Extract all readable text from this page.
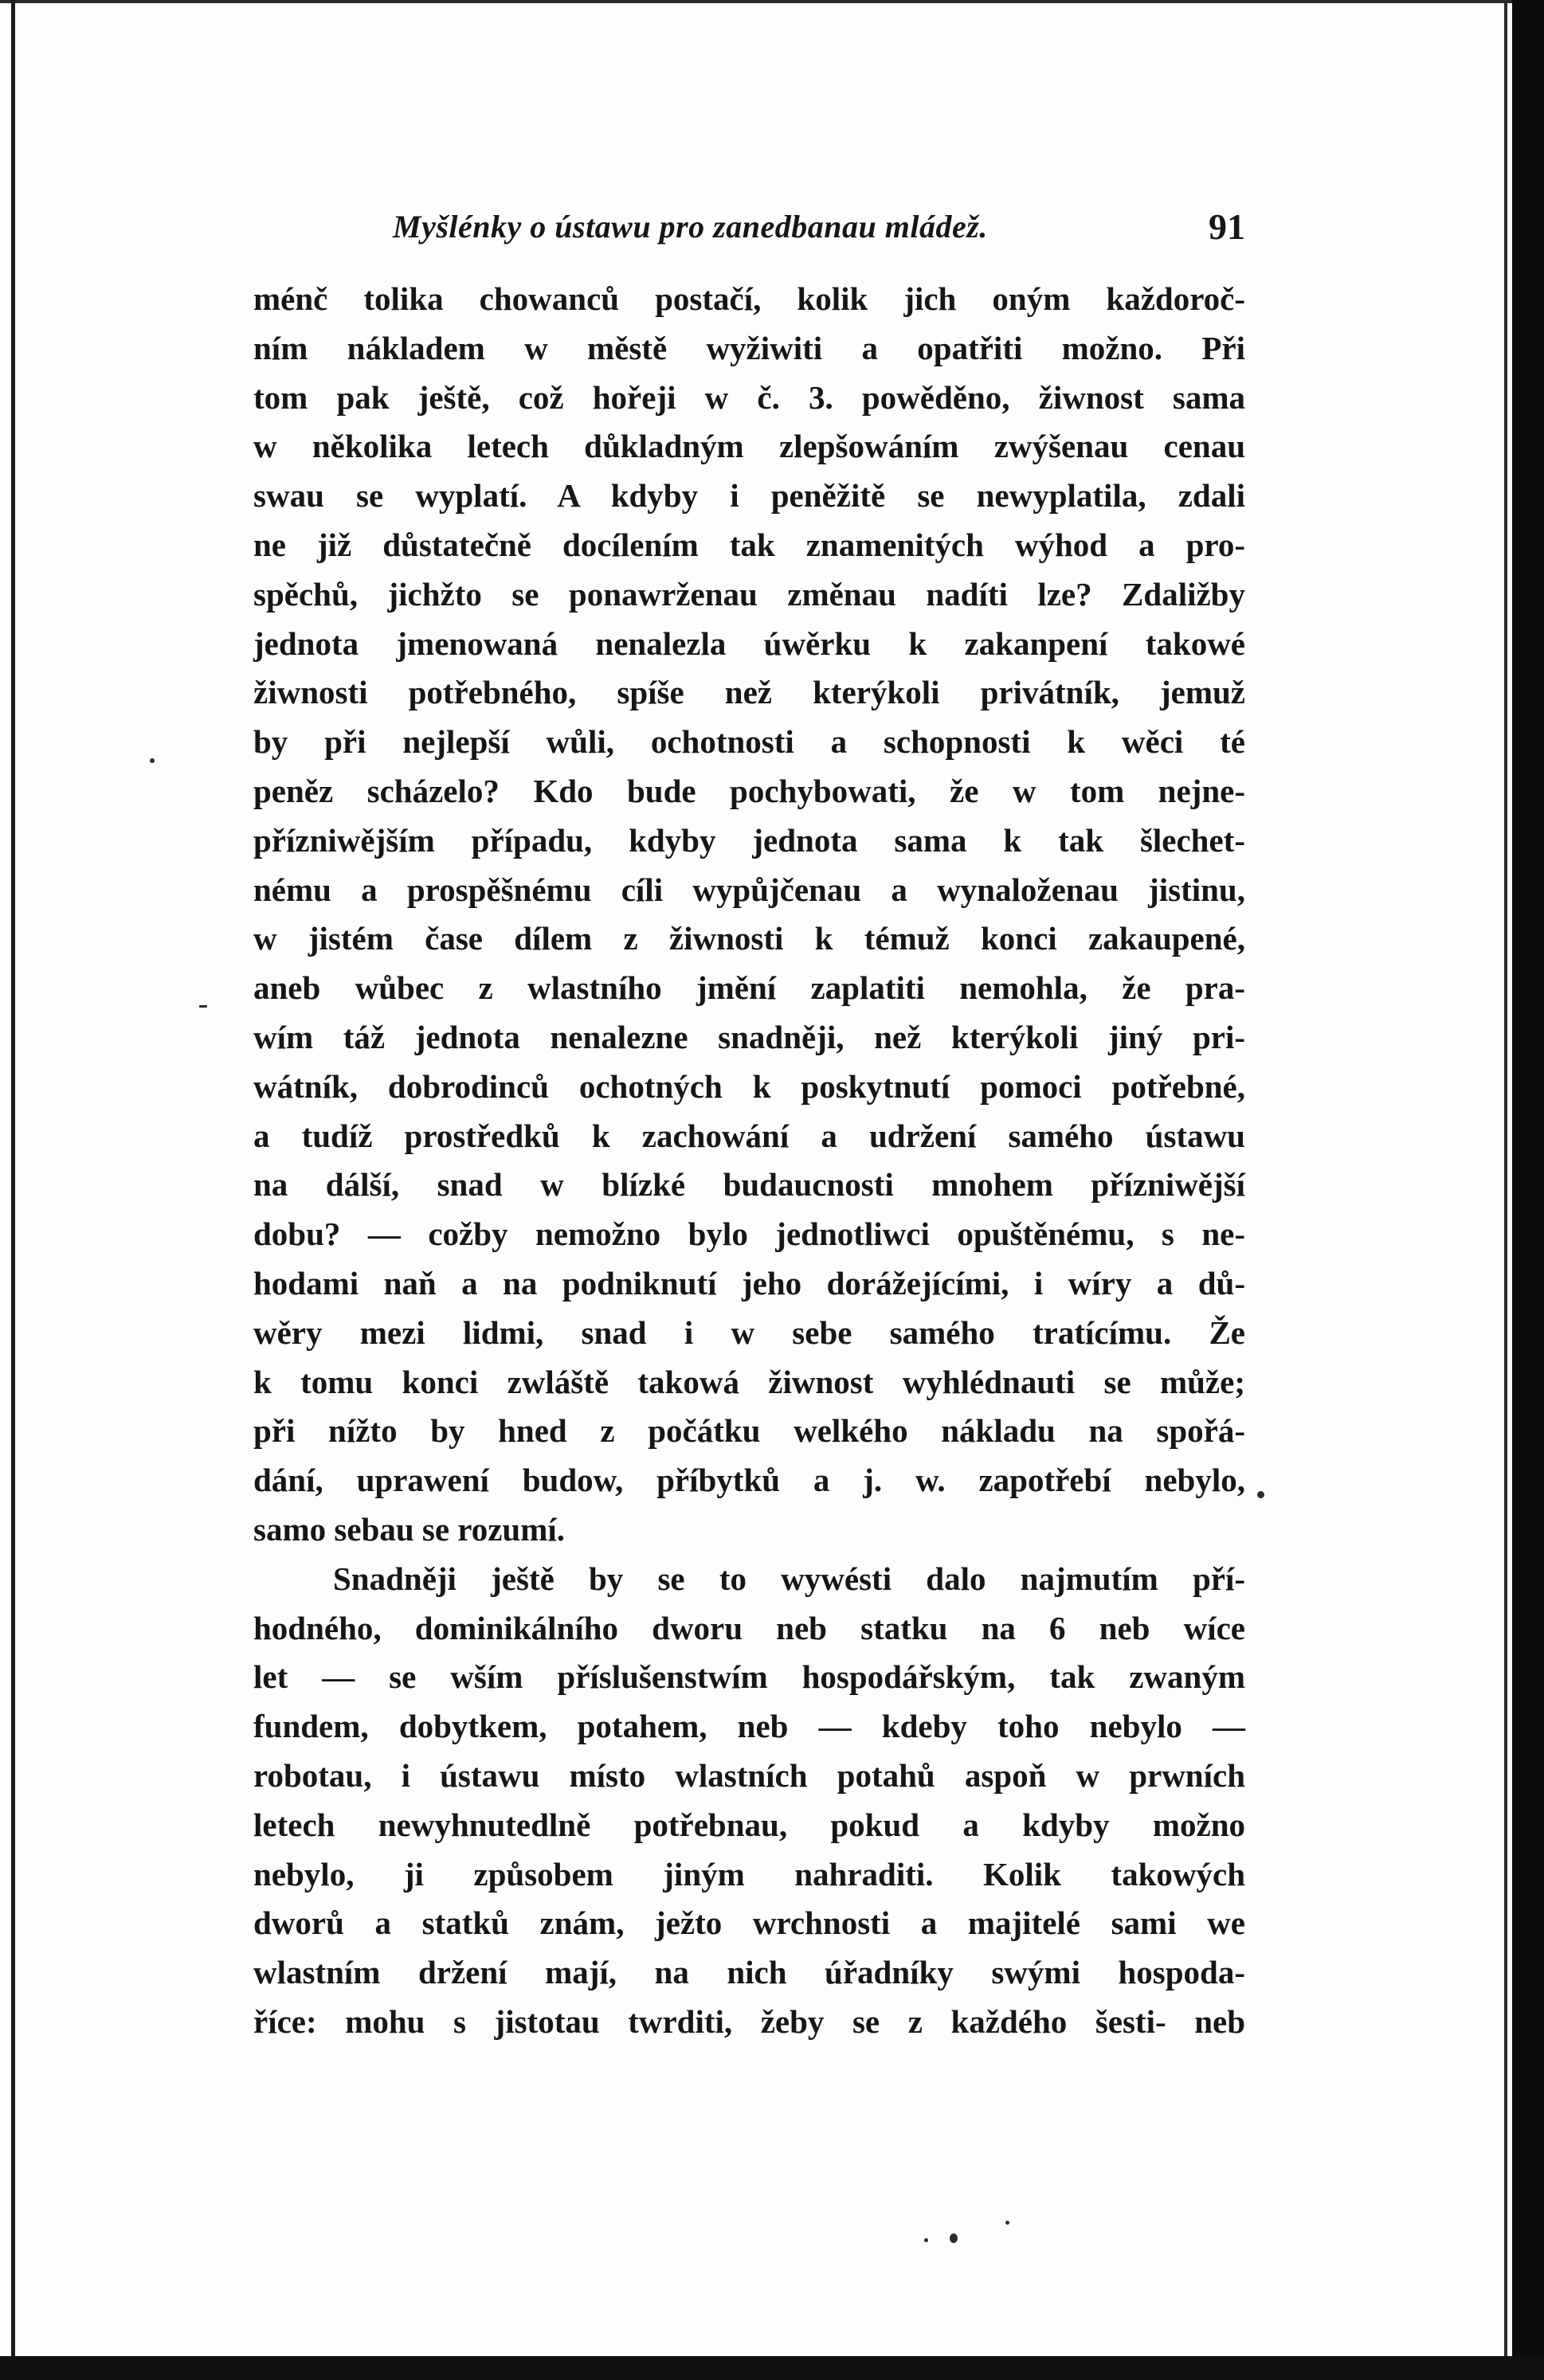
Myšlénky o ústawu pro zanedbanau mládež.	91
ménč tolika chowanců postačí, kolik jich oným každoroč-
ním nákladem w městě wyžiwiti a opatřiti možno. Při
tom pak ještě, což hořeji w č. 3. powěděno, žiwnost sama
w několika letech důkladným zlepšowáním zwýšenau cenau
swau se wyplatí. A kdyby i peněžitě se newyplatila, zdali
ne již důstatečně docílením tak znamenitých wýhod a pro-
spěchů, jichžto se ponawrženau změnau nadíti lze? Zdaližby
jednota jmenowaná nenalezla úwěrku k zakanpení takowé
žiwnosti potřebného, spíše než kterýkoli privátník, jemuž
by při nejlepší wůli, ochotnosti a schopnosti k wěci té
peněz scházelo? Kdo bude pochybowati, že w tom nejne-
přízniwějším případu, kdyby jednota sama k tak šlechet-
nému a prospěšnému cíli wypůjčenau a wynaloženau jistinu,
w jistém čase dílem z žiwnosti k témuž konci zakaupené,
aneb wůbec z wlastního jmění zaplatiti nemohla, že pra-
wím táž jednota nenalezne snadněji, než kterýkoli jiný pri-
wátník, dobrodinců ochotných k poskytnutí pomoci potřebné,
a tudíž prostředků k zachowání a udržení samého ústawu
na dálší, snad w blízké budaucnosti mnohem přízniwější
dobu? — cožby nemožno bylo jednotliwci opuštěnému, s ne-
hodami naň a na podniknutí jeho dorážejícími, i wíry a dů-
wěry mezi lidmi, snad i w sebe samého tratícímu. Že
k tomu konci zwláště takowá žiwnost wyhlédnauti se může;
při nížto by hned z počátku welkého nákladu na spořá-
dání, uprawení budow, příbytků a j. w. zapotřebí nebylo,
samo sebau se rozumí.
Snadněji ještě by se to wywésti dalo najmutím pří-
hodného, dominikálního dworu neb statku na 6 neb wíce
let — se wším příslušenstwím hospodářským, tak zwaným
fundem, dobytkem, potahem, neb — kdeby toho nebylo —
robotau, i ústawu místo wlastních potahů aspoň w prwních
letech newyhnutedlně potřebnau, pokud a kdyby možno
nebylo, ji způsobem jiným nahraditi. Kolik takowých
dworů a statků znám, ježto wrchnosti a majitelé sami we
wlastním držení mají, na nich úřadníky swými hospoda-
říce: mohu s jistotau twrditi, žeby se z každého šesti- neb
